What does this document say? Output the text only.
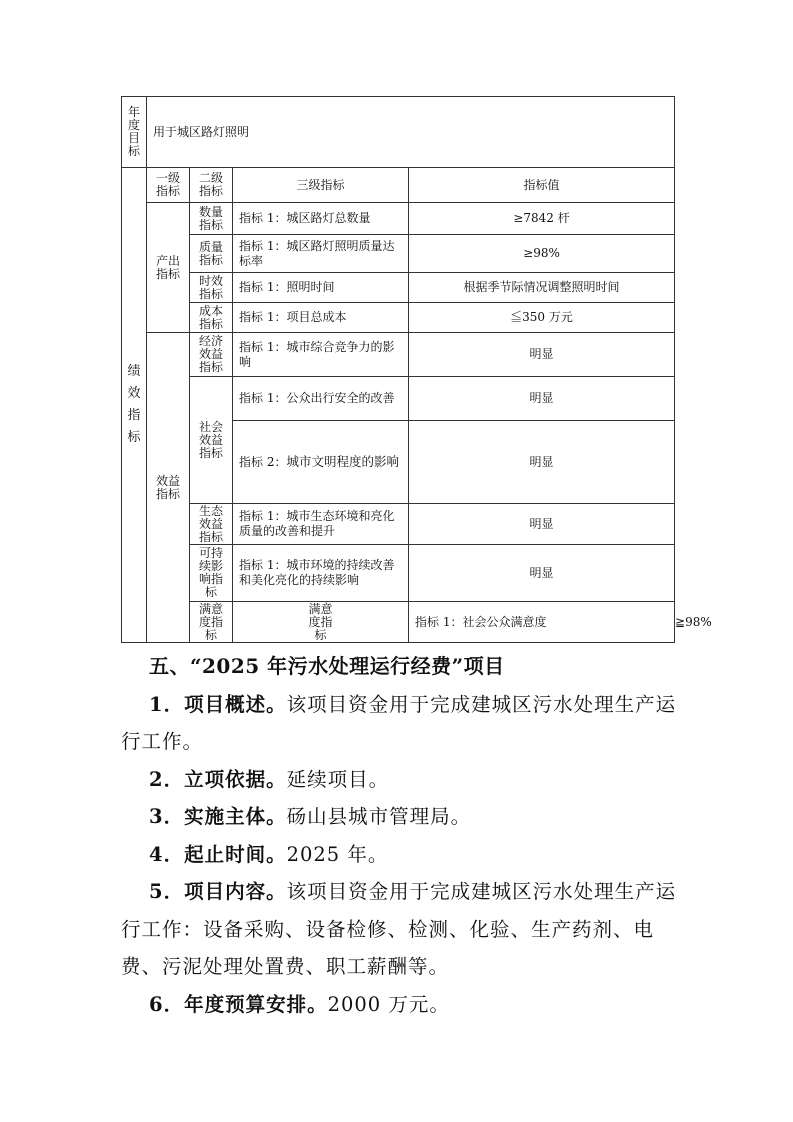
年度目标	用于城区路灯照明				

绩效指标	一级指标	二级指标	三级指标	指标值	

	产出指标	数量指标	指标 1：城区路灯总数量	≥7842 杆	

		质量指标	指标 1：城区路灯照明质量达标率	≥98%	

		时效指标	指标 1：照明时间	根据季节际情况调整照明时间	

		成本指标	指标 1：项目总成本	≦350 万元	

	效益指标	经济效益指标	指标 1：城市综合竞争力的影响	明显	

		社会效益指标	指标 1：公众出行安全的改善	明显	
			指标 2：城市文明程度的影响	明显	

		生态效益指标	指标 1：城市生态环境和亮化质量的改善和提升	明显	

		可持续影响指标	指标 1：城市环境的持续改善和美化亮化的持续影响	明显	

		满意度指标	满意度指标	指标 1：社会公众满意度	≧98%

五、“2025 年污水处理运行经费”项目

1．项目概述。该项目资金用于完成建城区污水处理生产运行工作。

2．立项依据。延续项目。

3．实施主体。砀山县城市管理局。

4．起止时间。2025 年。

5．项目内容。该项目资金用于完成建城区污水处理生产运行工作：设备采购、设备检修、检测、化验、生产药剂、电费、污泥处理处置费、职工薪酬等。

6．年度预算安排。2000 万元。
